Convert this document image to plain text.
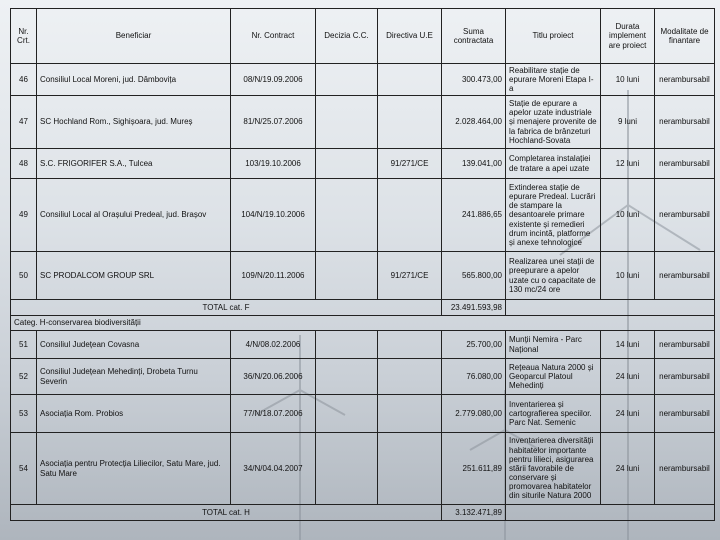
Nr. Crt.	Beneficiar	Nr. Contract	Decizia C.C.	Directiva U.E	Suma contractata	Titlu proiect	Durata implement are proiect	Modalitate de finantare
46	Consiliul Local Moreni, jud. Dâmbovița	08/N/19.09.2006			300.473,00	Reabilitare stație de epurare Moreni Etapa I-a	10 luni	nerambursabil
47	SC Hochland Rom., Sighișoara, jud. Mureș	81/N/25.07.2006			2.028.464,00	Stație de epurare a apelor uzate industriale și menajere provenite de la fabrica de brânzeturi Hochland-Sovata	9 luni	nerambursabil
48	S.C. FRIGORIFER S.A., Tulcea	103/19.10.2006		91/271/CE	139.041,00	Completarea instalației de tratare a apei uzate	12 luni	nerambursabil
49	Consiliul Local al Orașului Predeal, jud. Brașov	104/N/19.10.2006			241.886,65	Extinderea stație de epurare Predeal. Lucrări de stampare la desantoarele primare existente și remedieri drum incintă, platforme și anexe tehnologice	10 luni	nerambursabil
50	SC PRODALCOM GROUP SRL	109/N/20.11.2006		91/271/CE	565.800,00	Realizarea unei stații de preepurare a apelor uzate cu o capacitate de 130 mc/24 ore	10 luni	nerambursabil
TOTAL cat. F					23.491.593,98			
Categ. H-conservarea biodiversității								
51	Consiliul Județean Covasna	4/N/08.02.2006			25.700,00	Munții Nemira - Parc Național	14 luni	nerambursabil
52	Consiliul Județean Mehedinți, Drobeta Turnu Severin	36/N/20.06.2006			76.080,00	Rețeaua Natura 2000 și Geoparcul Platoul Mehedinți	24 luni	nerambursabil
53	Asociația Rom. Probios	77/N/18.07.2006			2.779.080,00	Inventarierea și cartografierea speciilor. Parc Nat. Semenic	24 luni	nerambursabil
54	Asociația pentru Protecția Liliecilor, Satu Mare, jud. Satu Mare	34/N/04.04.2007			251.611,89	Inventarierea diversității habitatelor importante pentru lilieci, asigurarea stării favorabile de conservare și promovarea habitatelor din siturile Natura 2000	24 luni	nerambursabil
TOTAL cat. H					3.132.471,89			
